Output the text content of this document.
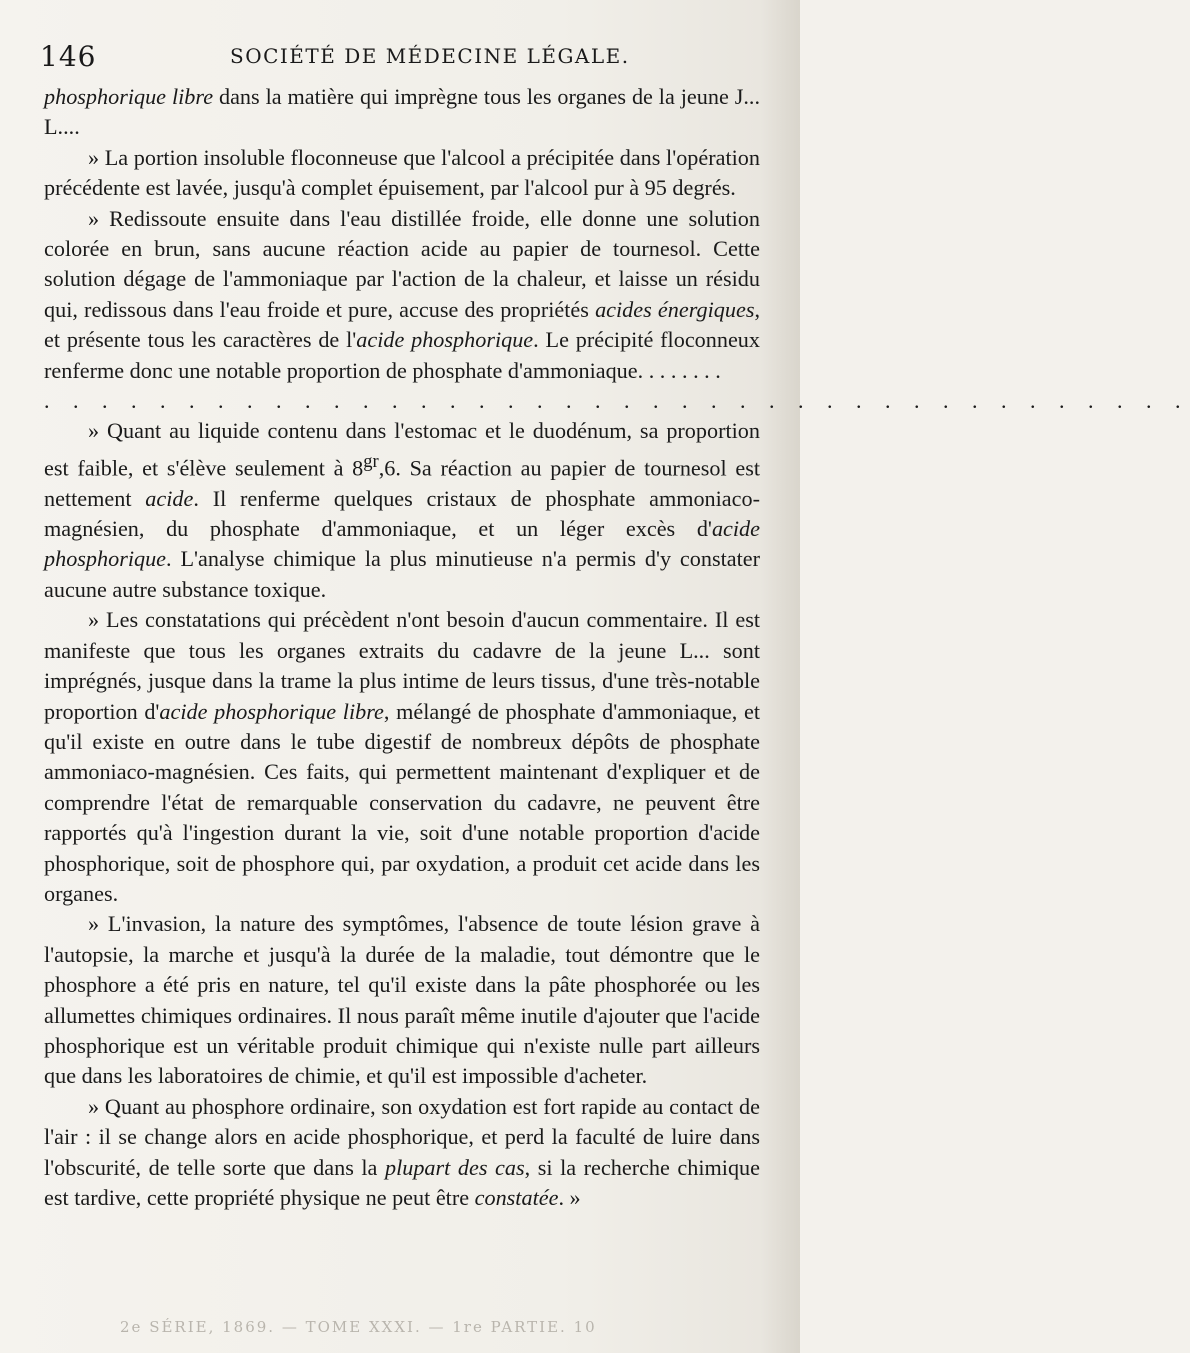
146	SOCIÉTÉ DE MÉDECINE LÉGALE.

phosphorique libre dans la matière qui imprègne tous les organes de la jeune J... L....

» La portion insoluble floconneuse que l'alcool a précipitée dans l'opération précédente est lavée, jusqu'à complet épuisement, par l'alcool pur à 95 degrés.

» Redissoute ensuite dans l'eau distillée froide, elle donne une solution colorée en brun, sans aucune réaction acide au papier de tournesol. Cette solution dégage de l'ammoniaque par l'action de la chaleur, et laisse un résidu qui, redissous dans l'eau froide et pure, accuse des propriétés acides énergiques, et présente tous les caractères de l'acide phosphorique. Le précipité floconneux renferme donc une notable proportion de phosphate d'ammoniaque. . . . . . . .

. . . . . . . . . . . . . . . . . . . . . . . . . . . . . . . . . . . . . . . .

» Quant au liquide contenu dans l'estomac et le duodénum, sa proportion est faible, et s'élève seulement à $8^{gr},6$. Sa réaction au papier de tournesol est nettement acide. Il renferme quelques cristaux de phosphate ammoniaco-magnésien, du phosphate d'ammoniaque, et un léger excès d'acide phosphorique. L'analyse chimique la plus minutieuse n'a permis d'y constater aucune autre substance toxique.

» Les constatations qui précèdent n'ont besoin d'aucun commentaire. Il est manifeste que tous les organes extraits du cadavre de la jeune L... sont imprégnés, jusque dans la trame la plus intime de leurs tissus, d'une très-notable proportion d'acide phosphorique libre, mélangé de phosphate d'ammoniaque, et qu'il existe en outre dans le tube digestif de nombreux dépôts de phosphate ammoniaco-magnésien. Ces faits, qui permettent maintenant d'expliquer et de comprendre l'état de remarquable conservation du cadavre, ne peuvent être rapportés qu'à l'ingestion durant la vie, soit d'une notable proportion d'acide phosphorique, soit de phosphore qui, par oxydation, a produit cet acide dans les organes.

» L'invasion, la nature des symptômes, l'absence de toute lésion grave à l'autopsie, la marche et jusqu'à la durée de la maladie, tout démontre que le phosphore a été pris en nature, tel qu'il existe dans la pâte phosphorée ou les allumettes chimiques ordinaires. Il nous paraît même inutile d'ajouter que l'acide phosphorique est un véritable produit chimique qui n'existe nulle part ailleurs que dans les laboratoires de chimie, et qu'il est impossible d'acheter.

» Quant au phosphore ordinaire, son oxydation est fort rapide au contact de l'air : il se change alors en acide phosphorique, et perd la faculté de luire dans l'obscurité, de telle sorte que dans la plupart des cas, si la recherche chimique est tardive, cette propriété physique ne peut être constatée. »

2e SÉRIE, 1869. — TOME XXXI. — 1re PARTIE. 10
